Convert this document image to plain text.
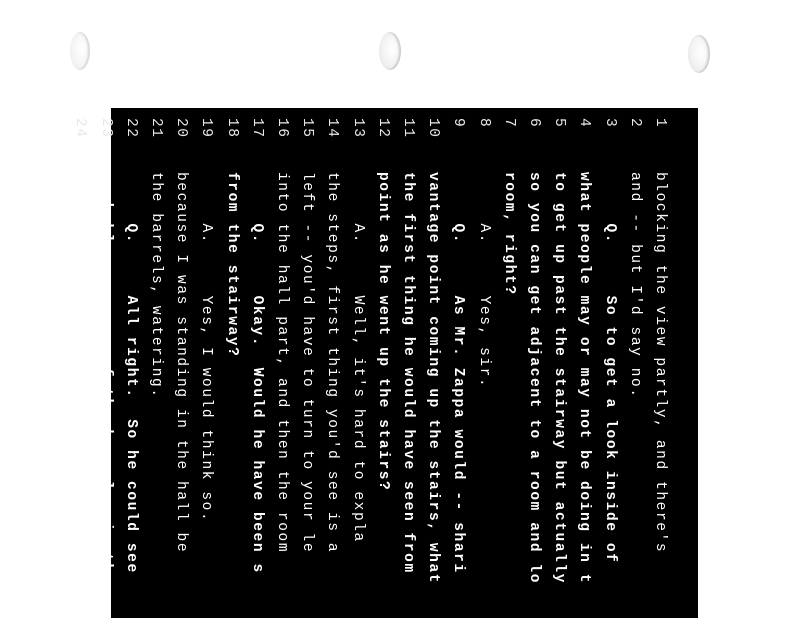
1
blocking the view partly, and there's
2
and -- but I'd say no.
3
Q.     So to get a look inside of
4
what people may or may not be doing in t
5
to get up past the stairway but actually
6
so you can get adjacent to a room and lo
7
room, right?
8
A.     Yes, sir.
9
Q.     As Mr. Zappa would -- shari
10
vantage point coming up the stairs, what
11
the first thing he would have seen from
12
point as he went up the stairs?
13
A.     Well, it's hard to expla
14
the steps, first thing you'd see is a
15
left -- you'd have to turn to your le
16
into the hall part, and then the room
17
Q.     Okay.  Would he have been s
18
from the stairway?
19
A.     Yes, I would think so.
20
because I was standing in the hall be
21
the barrels, watering.
22
Q.     All right.  So he could see
23
probably see some of the barrels; is tha
24
A.     Yes, sir.
